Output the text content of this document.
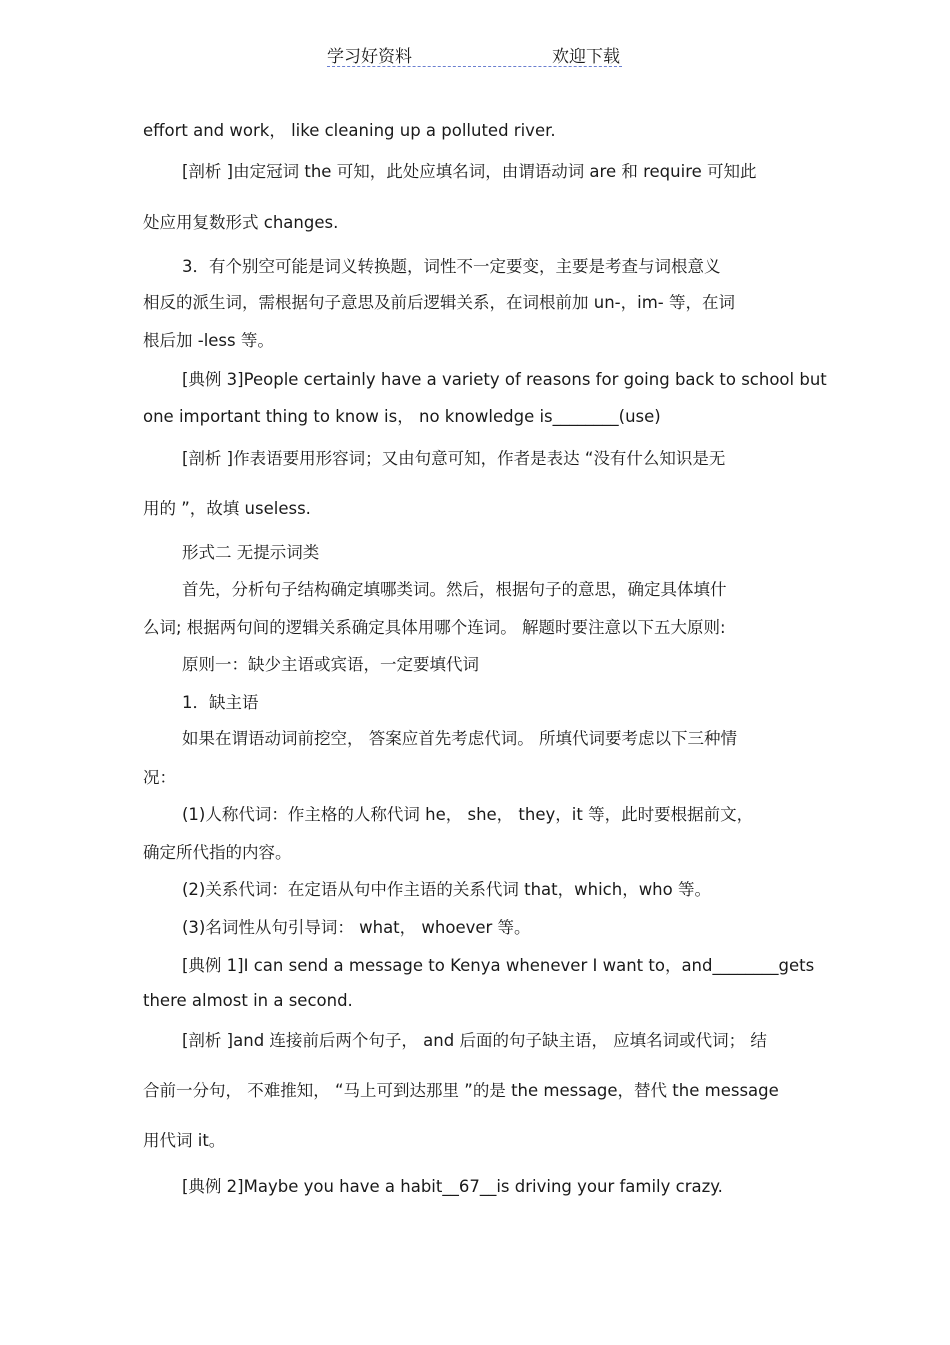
学习好资料	欢迎下载
effort and work， like cleaning up a polluted river.
[剖析 ]由定冠词 the 可知，此处应填名词，由谓语动词 are 和 require 可知此
处应用复数形式 changes.
3．有个别空可能是词义转换题，词性不一定要变，主要是考查与词根意义
相反的派生词，需根据句子意思及前后逻辑关系，在词根前加 un-，im- 等，在词
根后加 -less 等。
[典例 3]People certainly have a variety of reasons for going back to school but
one important thing to know is， no knowledge is________(use)
[剖析 ]作表语要用形容词；又由句意可知，作者是表达 “没有什么知识是无
用的 ”，故填 useless.
形式二 无提示词类
首先，分析句子结构确定填哪类词。然后，根据句子的意思，确定具体填什
么词; 根据两句间的逻辑关系确定具体用哪个连词。 解题时要注意以下五大原则:
原则一：缺少主语或宾语，一定要填代词
1．缺主语
如果在谓语动词前挖空， 答案应首先考虑代词。 所填代词要考虑以下三种情
况：
(1)人称代词：作主格的人称代词 he， she， they，it 等，此时要根据前文，
确定所代指的内容。
(2)关系代词：在定语从句中作主语的关系代词 that，which，who 等。
(3)名词性从句引导词： what， whoever 等。
[典例 1]I can send a message to Kenya whenever I want to，and________gets
there almost in a second.
[剖析 ]and 连接前后两个句子， and 后面的句子缺主语， 应填名词或代词； 结
合前一分句， 不难推知， “马上可到达那里 ”的是 the message，替代 the message
用代词 it。
[典例 2]Maybe you have a habit__67__is driving your family crazy.
